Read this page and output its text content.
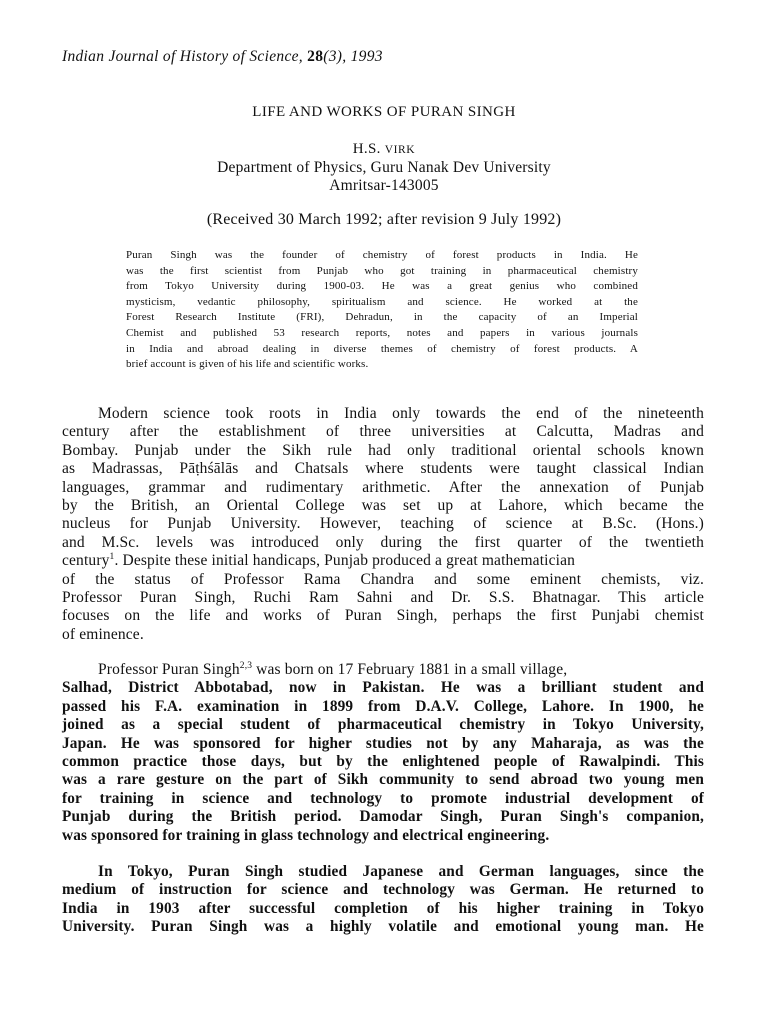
Indian Journal of History of Science, 28(3), 1993
LIFE AND WORKS OF PURAN SINGH
H.S. VIRK
Department of Physics, Guru Nanak Dev University
Amritsar-143005
(Received 30 March 1992; after revision 9 July 1992)
Puran Singh was the founder of chemistry of forest products in India. He
was the first scientist from Punjab who got training in pharmaceutical chemistry
from Tokyo University during 1900-03. He was a great genius who combined
mysticism, vedantic philosophy, spiritualism and science. He worked at the
Forest Research Institute (FRI), Dehradun, in the capacity of an Imperial
Chemist and published 53 research reports, notes and papers in various journals
in India and abroad dealing in diverse themes of chemistry of forest products. A
brief account is given of his life and scientific works.
Modern science took roots in India only towards the end of the nineteenth
century after the establishment of three universities at Calcutta, Madras and
Bombay. Punjab under the Sikh rule had only traditional oriental schools known
as Madrassas, Pāṭhśālās and Chatsals where students were taught classical Indian
languages, grammar and rudimentary arithmetic. After the annexation of Punjab
by the British, an Oriental College was set up at Lahore, which became the
nucleus for Punjab University. However, teaching of science at B.Sc. (Hons.)
and M.Sc. levels was introduced only during the first quarter of the twentieth
century$^1$. Despite these initial handicaps, Punjab produced a great mathematician
of the status of Professor Rama Chandra and some eminent chemists, viz.
Professor Puran Singh, Ruchi Ram Sahni and Dr. S.S. Bhatnagar. This article
focuses on the life and works of Puran Singh, perhaps the first Punjabi chemist
of eminence.
Professor Puran Singh$^{2,3}$ was born on 17 February 1881 in a small village,
Salhad, District Abbotabad, now in Pakistan. He was a brilliant student and
passed his F.A. examination in 1899 from D.A.V. College, Lahore. In 1900, he
joined as a special student of pharmaceutical chemistry in Tokyo University,
Japan. He was sponsored for higher studies not by any Maharaja, as was the
common practice those days, but by the enlightened people of Rawalpindi. This
was a rare gesture on the part of Sikh community to send abroad two young men
for training in science and technology to promote industrial development of
Punjab during the British period. Damodar Singh, Puran Singh's companion,
was sponsored for training in glass technology and electrical engineering.
In Tokyo, Puran Singh studied Japanese and German languages, since the
medium of instruction for science and technology was German. He returned to
India in 1903 after successful completion of his higher training in Tokyo
University. Puran Singh was a highly volatile and emotional young man. He
